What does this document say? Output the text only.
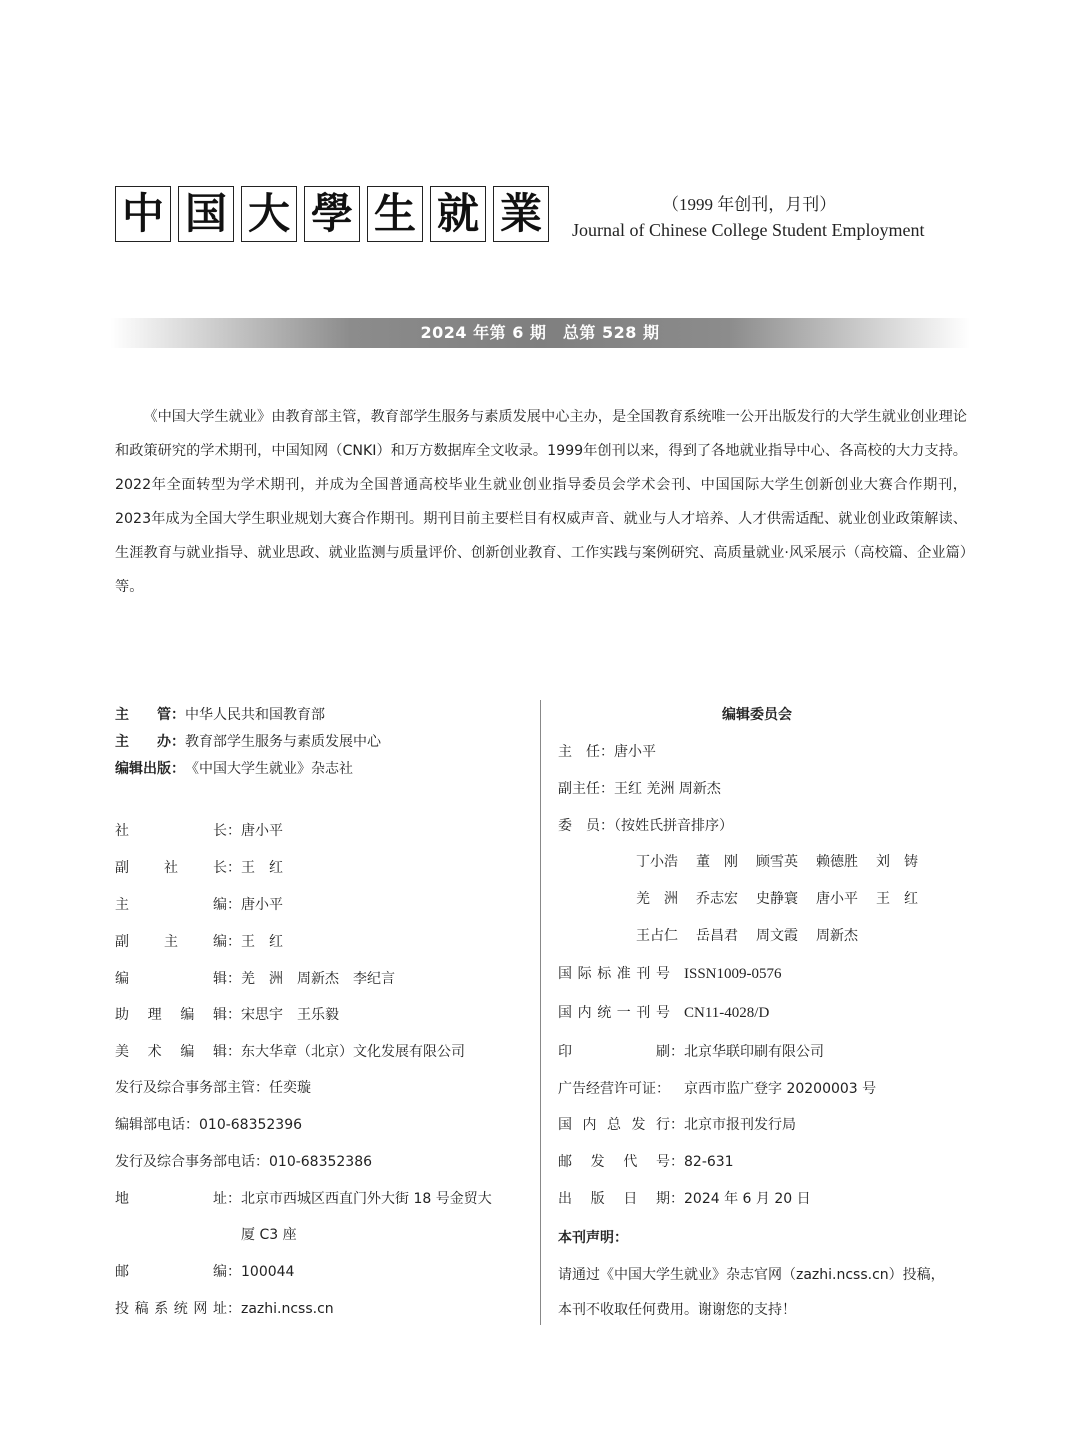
中 国 大 學 生 就 業	（1999 年创刊，月刊）
Journal of Chinese College Student Employment
2024 年第 6 期　总第 528 期

《中国大学生就业》由教育部主管，教育部学生服务与素质发展中心主办，是全国教育系统唯一公开出版发行的大学生就业创业理论和政策研究的学术期刊，中国知网（CNKI）和万方数据库全文收录。1999年创刊以来，得到了各地就业指导中心、各高校的大力支持。2022年全面转型为学术期刊，并成为全国普通高校毕业生就业创业指导委员会学术会刊、中国国际大学生创新创业大赛合作期刊，2023年成为全国大学生职业规划大赛合作期刊。期刊目前主要栏目有权威声音、就业与人才培养、人才供需适配、就业创业政策解读、生涯教育与就业指导、就业思政、就业监测与质量评价、创新创业教育、工作实践与案例研究、高质量就业·风采展示（高校篇、企业篇）等。

主 管： 中华人民共和国教育部
主 办： 教育部学生服务与素质发展中心
编辑出版： 《中国大学生就业》杂志社
社	长： 唐小平
副	社	长： 王　红
主	编： 唐小平
副	主	编： 王　红
编	辑： 羌　洲　周新杰　李纪言
助 理 编 辑： 宋思宇　王乐毅
美 术 编 辑： 东大华章（北京）文化发展有限公司
发行及综合事务部主管：任奕璇
编辑部电话：010-68352396
发行及综合事务部电话：010-68352386
地	址： 北京市西城区西直门外大街 18 号金贸大
厦 C3 座
邮	编： 100044
投 稿 系 统 网 址： zazhi.ncss.cn
编辑委员会
主　任：唐小平
副主任：王红 羌洲 周新杰
委　员：（按姓氏拼音排序）
丁小浩 董　刚 顾雪英 赖德胜 刘　铸
羌　洲 乔志宏 史静寰 唐小平 王　红
王占仁 岳昌君 周文霞 周新杰
国 际 标 准 刊 号 ISSN1009-0576
国 内 统 一 刊 号 CN11-4028/D
印	刷： 北京华联印刷有限公司
广告经营许可证：	京西市监广登字 20200003 号
国 内 总 发 行： 北京市报刊发行局
邮 发 代 号： 82-631
出 版 日 期： 2024 年 6 月 20 日
本刊声明：
请通过《中国大学生就业》杂志官网（zazhi.ncss.cn）投稿，
本刊不收取任何费用。谢谢您的支持！
